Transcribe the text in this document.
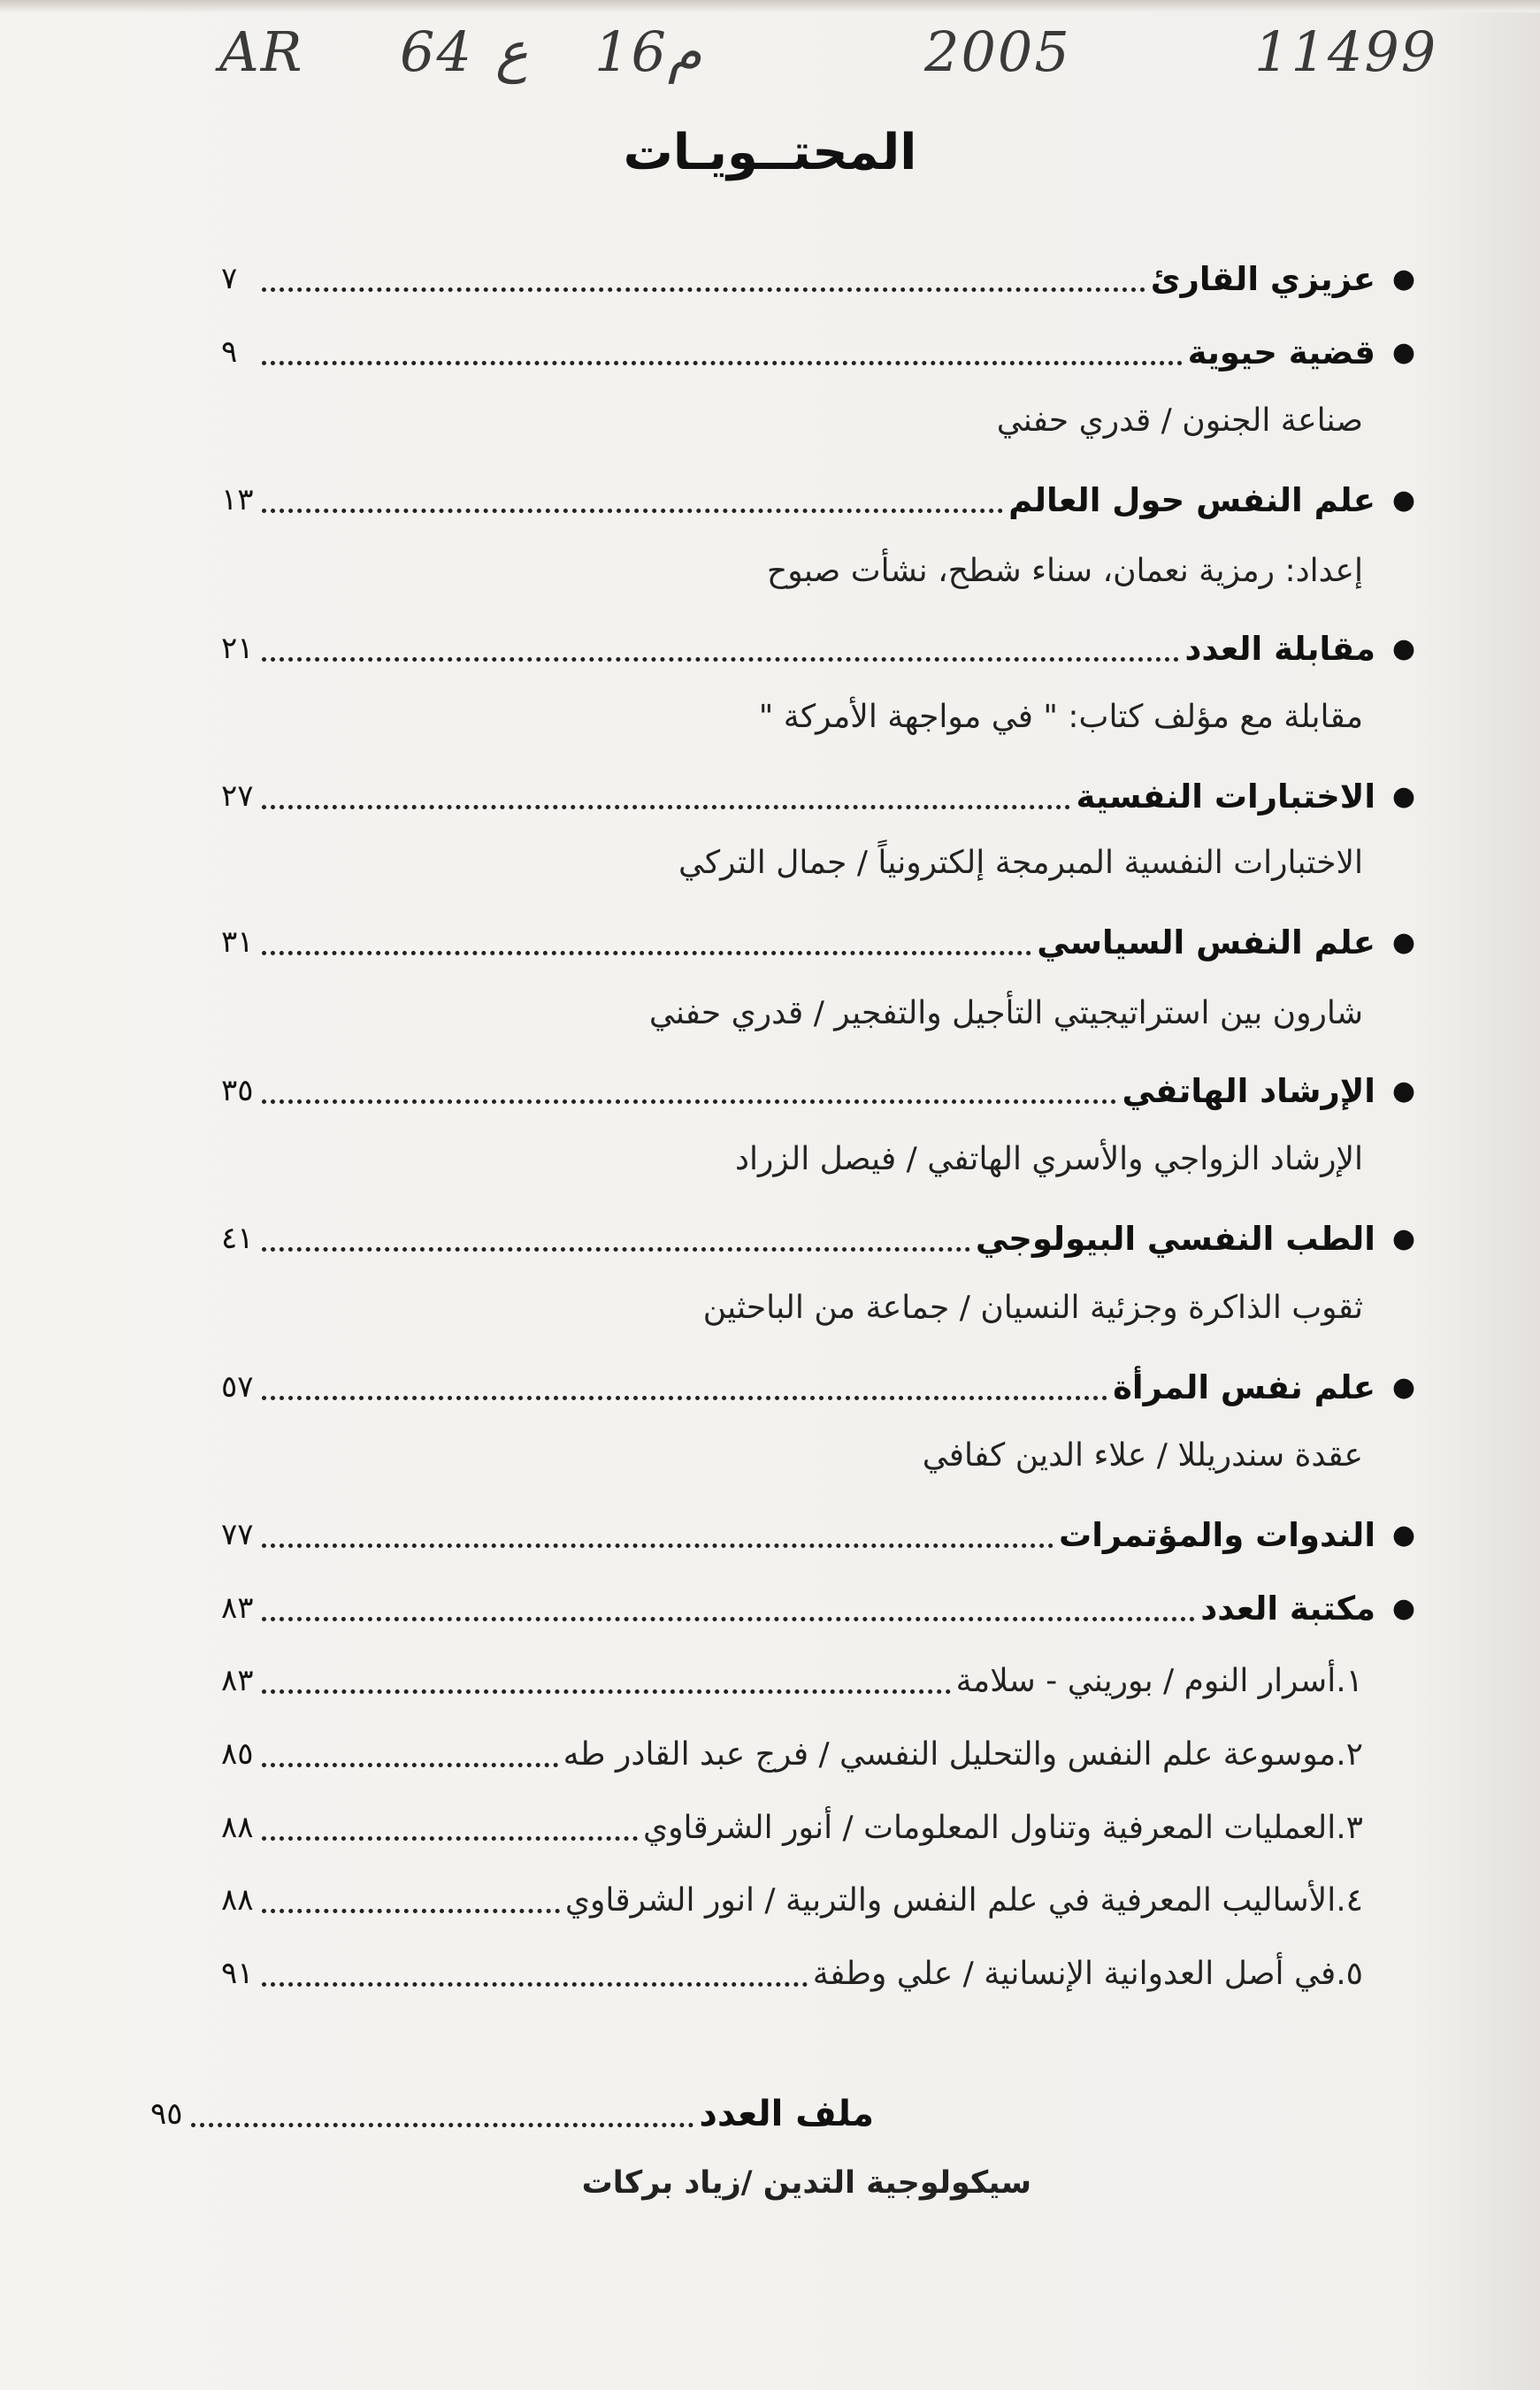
AR 64 ع 16 م	2005	11499
المحتــويـات
●
عزيزي القارئ
٧
●
قضية حيوية
٩
صناعة الجنون / قدري حفني
●
علم النفس حول العالم
١٣
إعداد: رمزية نعمان، سناء شطح، نشأت صبوح
●
مقابلة العدد
٢١
مقابلة مع مؤلف كتاب: " في مواجهة الأمركة "
●
الاختبارات النفسية
٢٧
الاختبارات النفسية المبرمجة إلكترونياً / جمال التركي
●
علم النفس السياسي
٣١
شارون بين استراتيجيتي التأجيل والتفجير / قدري حفني
●
الإرشاد الهاتفي
٣٥
الإرشاد الزواجي والأسري الهاتفي / فيصل الزراد
●
الطب النفسي البيولوجي
٤١
ثقوب الذاكرة وجزئية النسيان / جماعة من الباحثين
●
علم نفس المرأة
٥٧
عقدة سندريللا / علاء الدين كفافي
●
الندوات والمؤتمرات
٧٧
●
مكتبة العدد
٨٣
١.أسرار النوم / بوريني - سلامة
٨٣
٢.موسوعة علم النفس والتحليل النفسي / فرج عبد القادر طه
٨٥
٣.العمليات المعرفية وتناول المعلومات / أنور الشرقاوي
٨٨
٤.الأساليب المعرفية في علم النفس والتربية / انور الشرقاوي
٨٨
٥.في أصل العدوانية الإنسانية / علي وطفة
٩١
ملف العدد
٩٥
سيكولوجية التدين /زياد بركات
